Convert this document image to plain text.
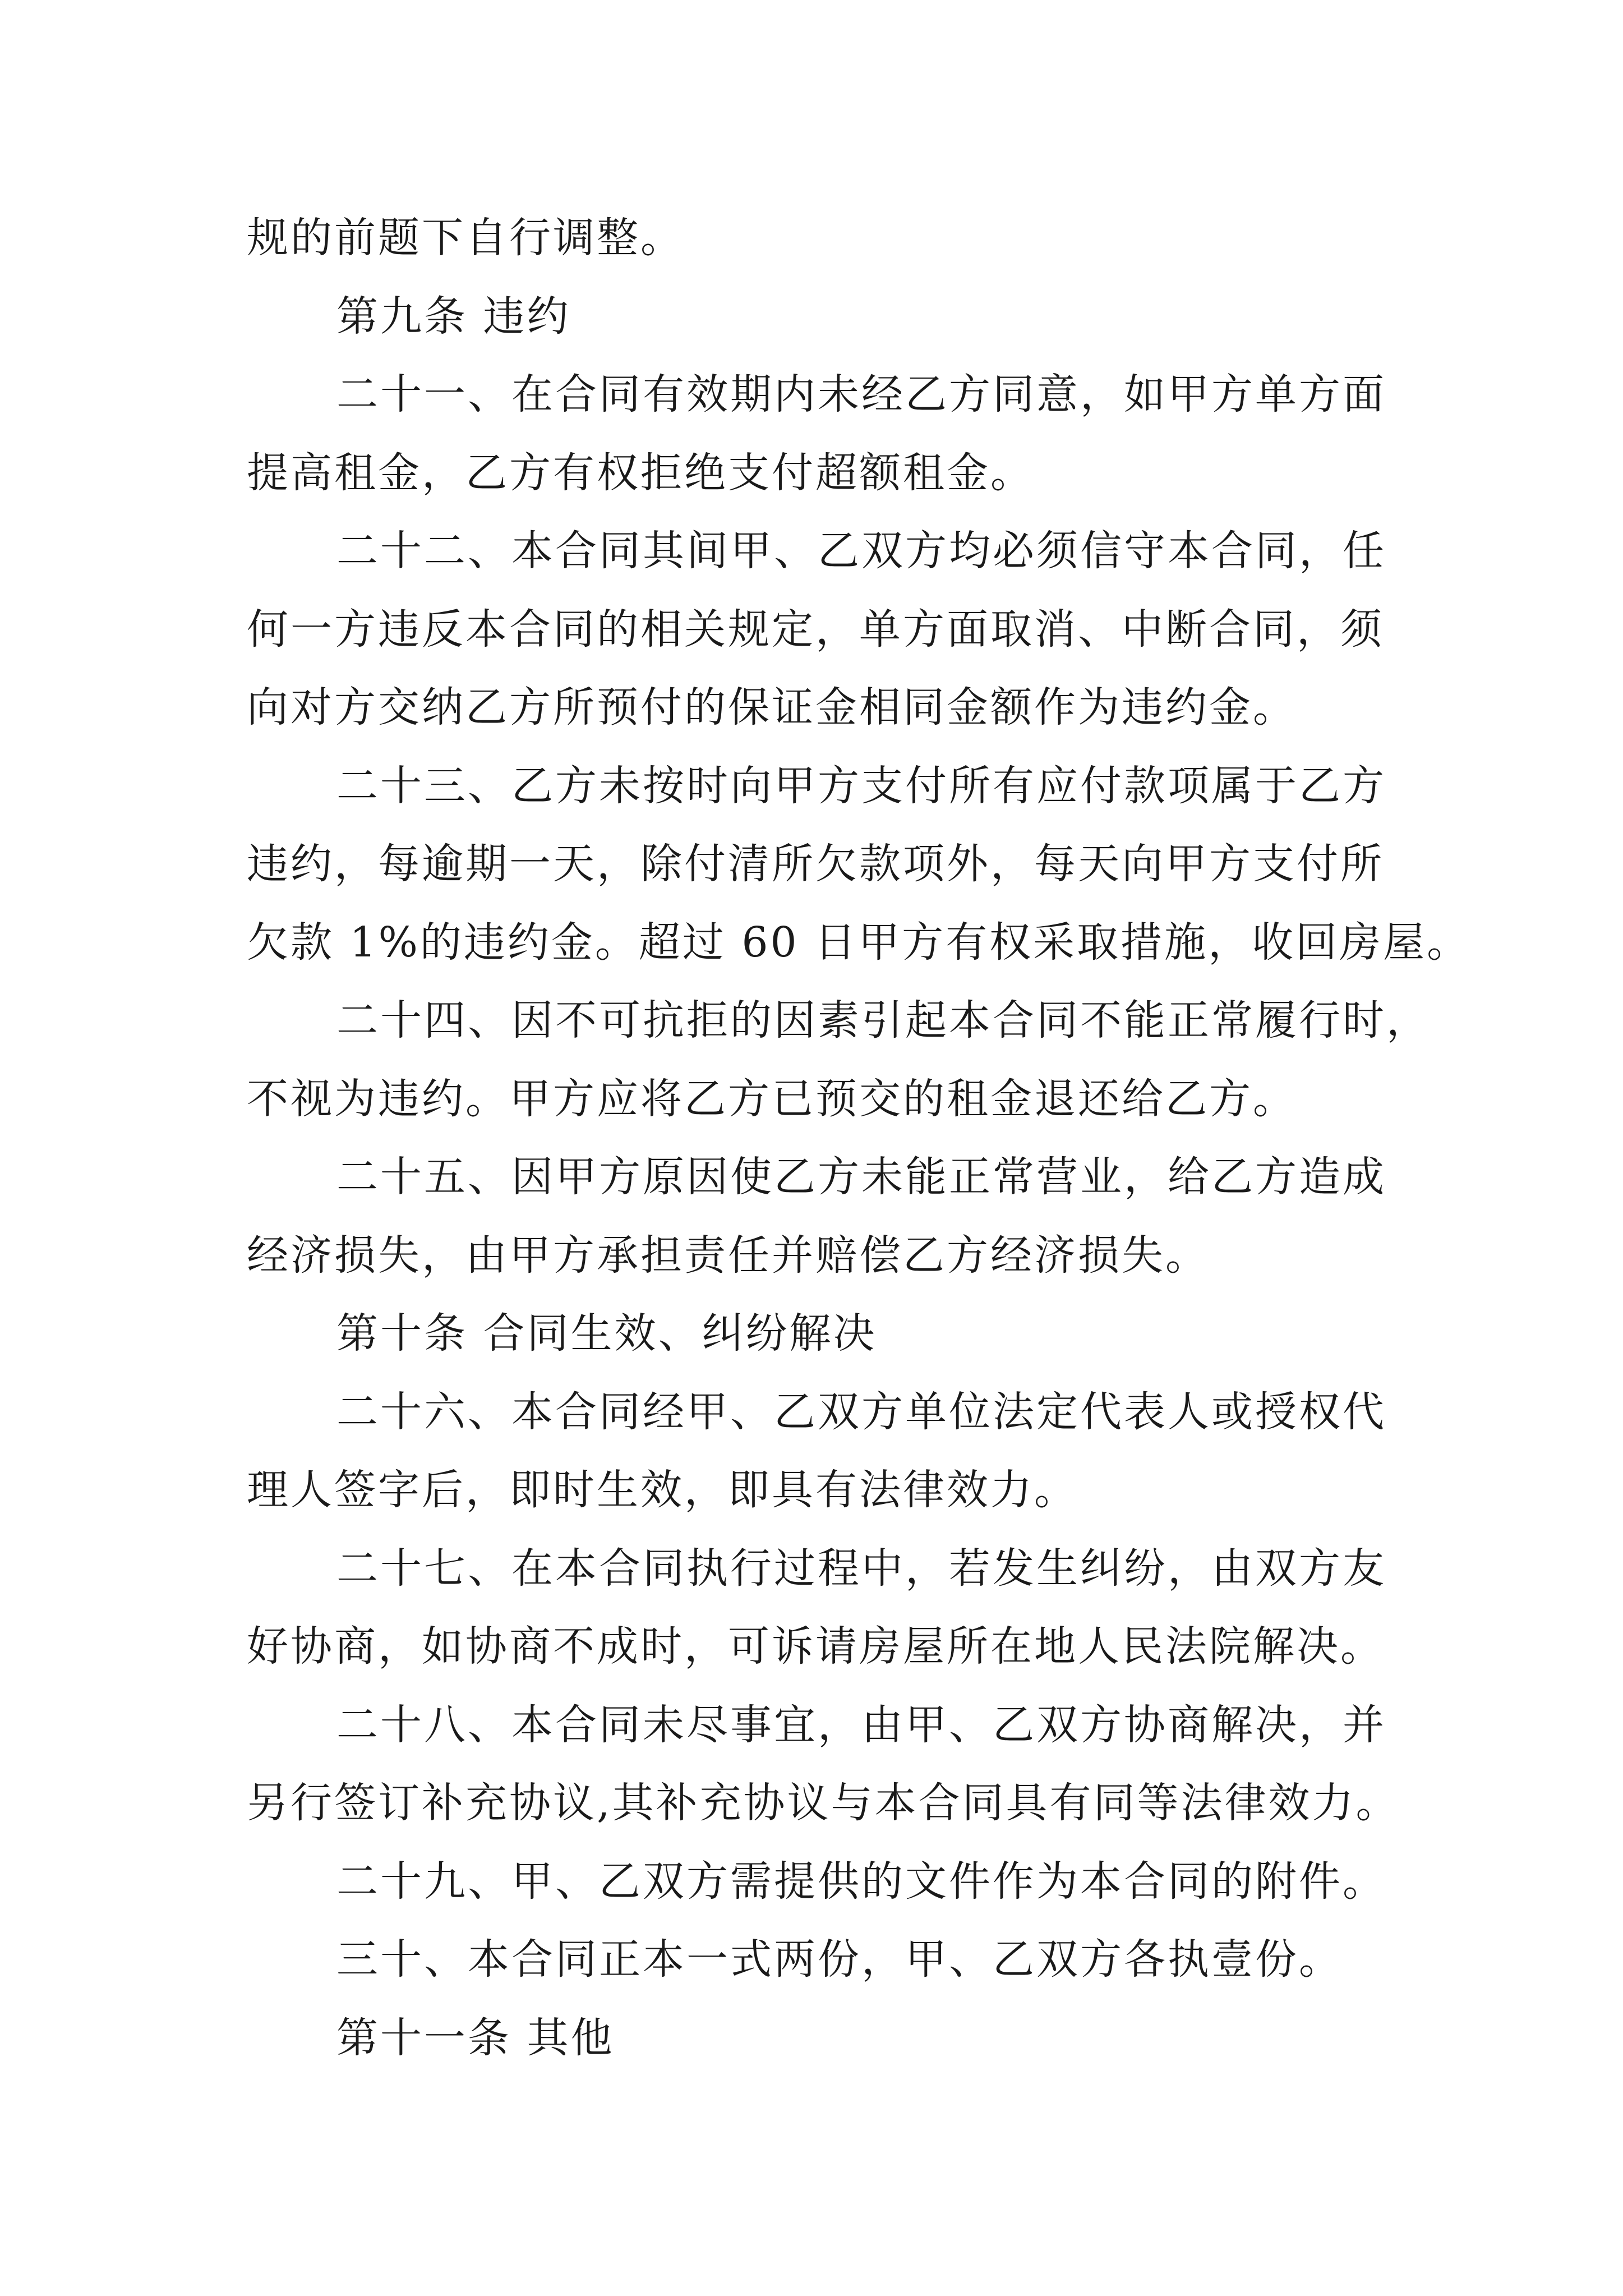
规的前题下自行调整。
第九条 违约
二十一、在合同有效期内未经乙方同意，如甲方单方面
提高租金，乙方有权拒绝支付超额租金。
二十二、本合同其间甲、乙双方均必须信守本合同，任
何一方违反本合同的相关规定，单方面取消、中断合同，须
向对方交纳乙方所预付的保证金相同金额作为违约金。
二十三、乙方未按时向甲方支付所有应付款项属于乙方
违约，每逾期一天，除付清所欠款项外，每天向甲方支付所
欠款 1%的违约金。超过 60 日甲方有权采取措施，收回房屋。
二十四、因不可抗拒的因素引起本合同不能正常履行时，
不视为违约。甲方应将乙方已预交的租金退还给乙方。
二十五、因甲方原因使乙方未能正常营业，给乙方造成
经济损失，由甲方承担责任并赔偿乙方经济损失。
第十条 合同生效、纠纷解决
二十六、本合同经甲、乙双方单位法定代表人或授权代
理人签字后，即时生效，即具有法律效力。
二十七、在本合同执行过程中，若发生纠纷，由双方友
好协商，如协商不成时，可诉请房屋所在地人民法院解决。
二十八、本合同未尽事宜，由甲、乙双方协商解决，并
另行签订补充协议,其补充协议与本合同具有同等法律效力。
二十九、甲、乙双方需提供的文件作为本合同的附件。
三十、本合同正本一式两份，甲、乙双方各执壹份。
第十一条 其他
